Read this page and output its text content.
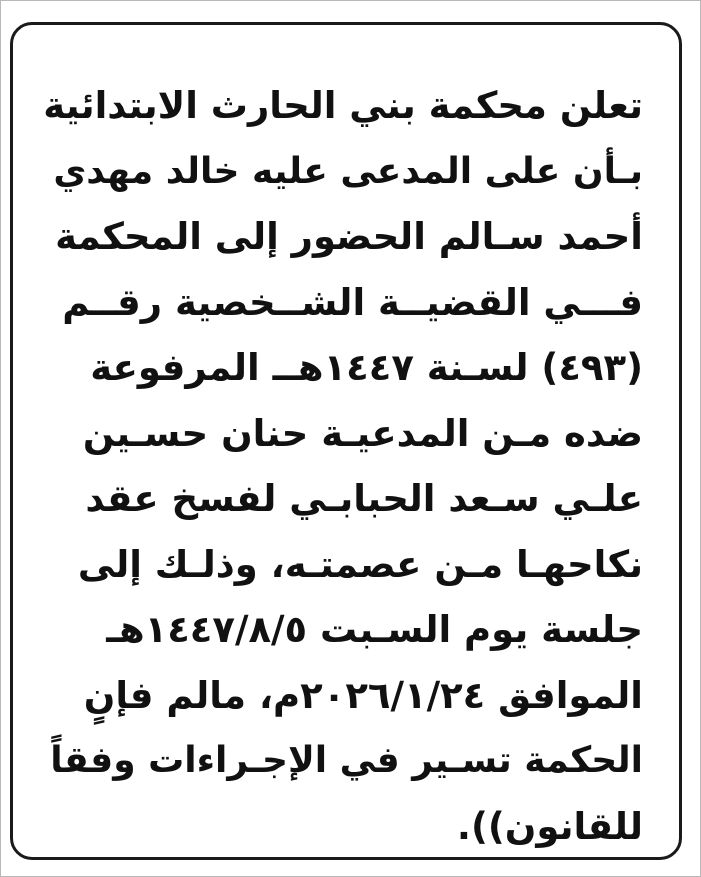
تعلن محكمة بني الحارث الابتدائية
بـأن على المدعى عليه خالد مهدي
أحمد سـالم الحضور إلى المحكمة
فـــي القضيــة الشــخصية رقــم
(٤٩٣) لسـنة ١٤٤٧هــ المرفوعة
ضده مـن المدعيـة حنان حسـين
علـي سـعد الحبابـي لفسخ عقد
نكاحهـا مـن عصمتـه، وذلـك إلى
جلسة يوم السـبت ١٤٤٧/٨/٥هـ
الموافق ٢٠٢٦/١/٢٤م، مالم فإنٍ
الحكمة تسـير في الإجـراءات وفقاً
للقانون)).
